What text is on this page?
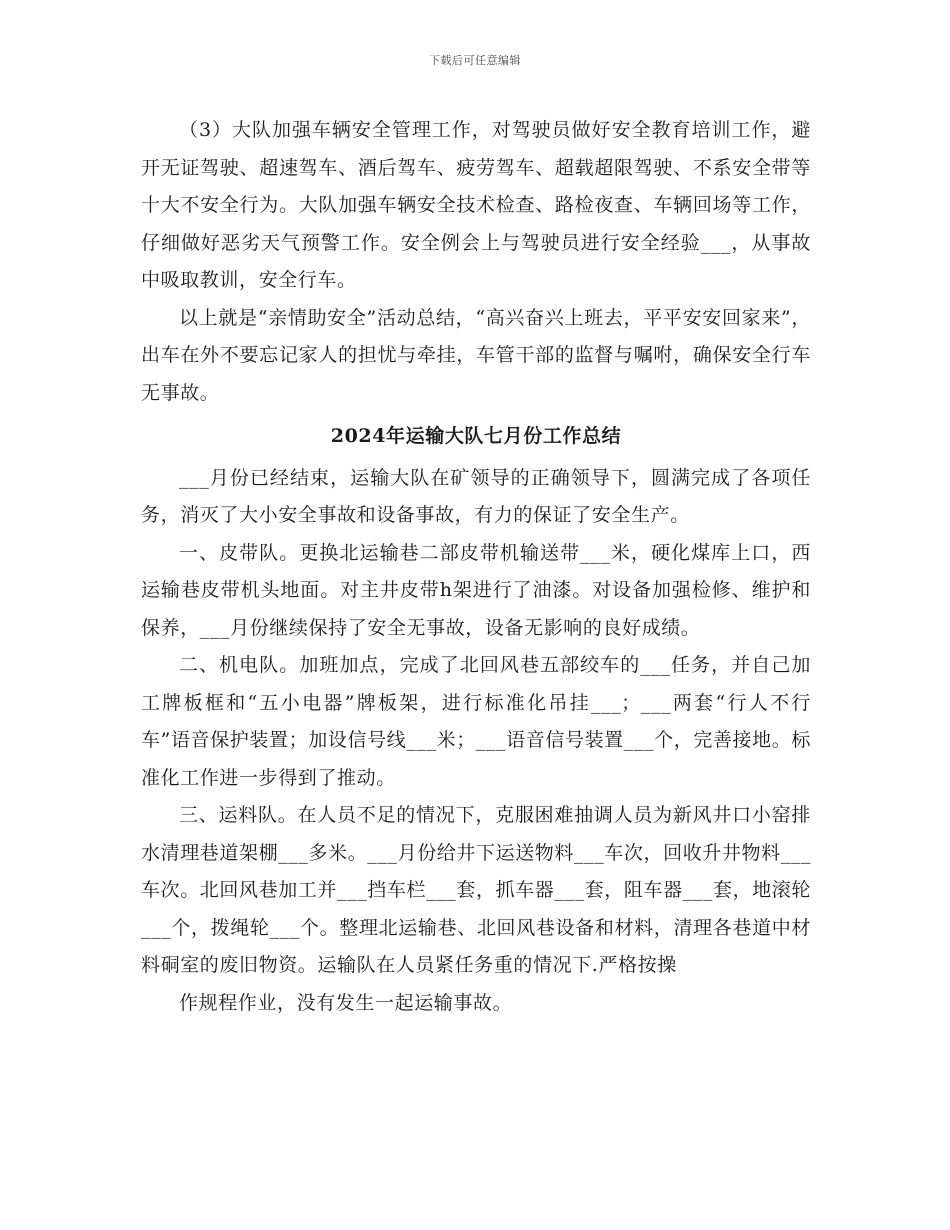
下载后可任意编辑

（3）大队加强车辆安全管理工作，对驾驶员做好安全教育培训工作，避开无证驾驶、超速驾车、酒后驾车、疲劳驾车、超载超限驾驶、不系安全带等十大不安全行为。大队加强车辆安全技术检查、路检夜查、车辆回场等工作，仔细做好恶劣天气预警工作。安全例会上与驾驶员进行安全经验___，从事故中吸取教训，安全行车。

以上就是“亲情助安全”活动总结，“高兴奋兴上班去，平平安安回家来”，出车在外不要忘记家人的担忧与牵挂，车管干部的监督与嘱咐，确保安全行车无事故。

2024年运输大队七月份工作总结

___月份已经结束，运输大队在矿领导的正确领导下，圆满完成了各项任务，消灭了大小安全事故和设备事故，有力的保证了安全生产。

一、皮带队。更换北运输巷二部皮带机输送带___米，硬化煤库上口，西运输巷皮带机头地面。对主井皮带h架进行了油漆。对设备加强检修、维护和保养，___月份继续保持了安全无事故，设备无影响的良好成绩。

二、机电队。加班加点，完成了北回风巷五部绞车的___任务，并自己加工牌板框和“五小电器”牌板架，进行标准化吊挂___；___两套“行人不行车”语音保护装置；加设信号线___米；___语音信号装置___个，完善接地。标准化工作进一步得到了推动。

三、运料队。在人员不足的情况下，克服困难抽调人员为新风井口小窑排水清理巷道架棚___多米。___月份给井下运送物料___车次，回收升井物料___车次。北回风巷加工并___挡车栏___套，抓车器___套，阻车器___套，地滚轮___个，拨绳轮___个。整理北运输巷、北回风巷设备和材料，清理各巷道中材料硐室的废旧物资。运输队在人员紧任务重的情况下.严格按操

作规程作业，没有发生一起运输事故。
